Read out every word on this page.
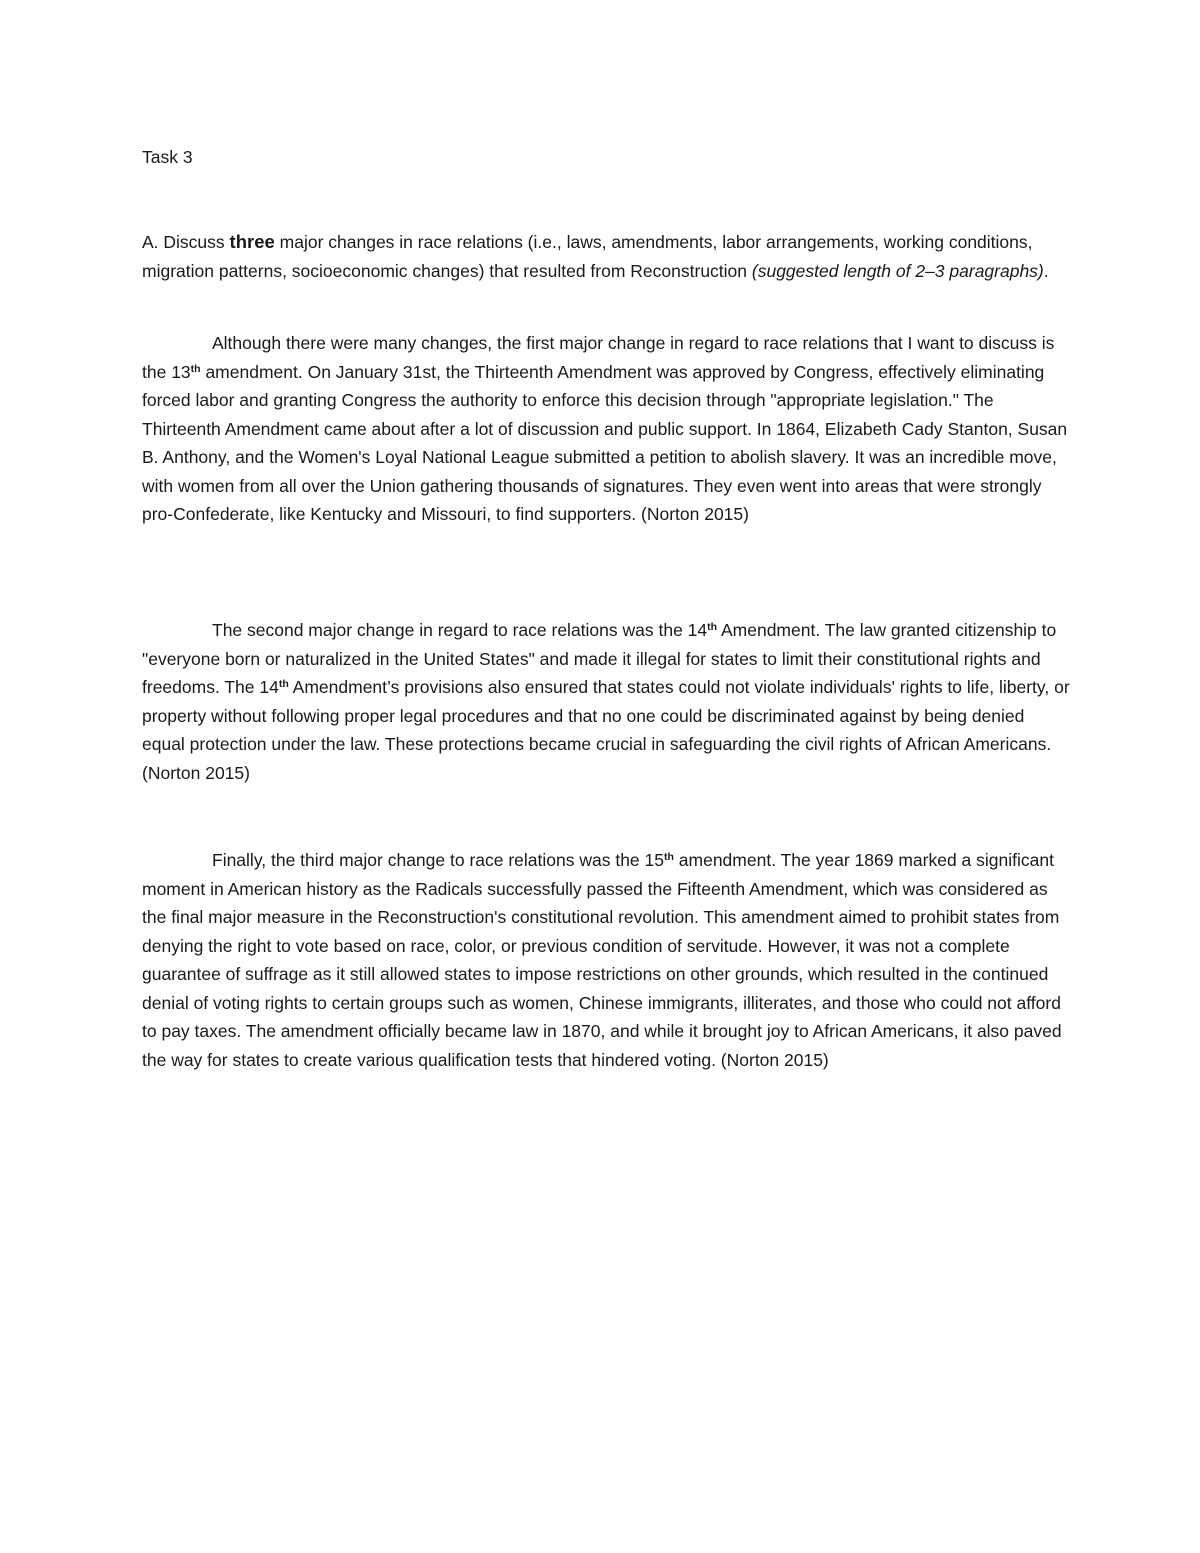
Task 3

A. Discuss three major changes in race relations (i.e., laws, amendments, labor arrangements, working conditions, migration patterns, socioeconomic changes) that resulted from Reconstruction (suggested length of 2–3 paragraphs).

Although there were many changes, the first major change in regard to race relations that I want to discuss is the 13th amendment. On January 31st, the Thirteenth Amendment was approved by Congress, effectively eliminating forced labor and granting Congress the authority to enforce this decision through "appropriate legislation." The Thirteenth Amendment came about after a lot of discussion and public support. In 1864, Elizabeth Cady Stanton, Susan B. Anthony, and the Women's Loyal National League submitted a petition to abolish slavery. It was an incredible move, with women from all over the Union gathering thousands of signatures. They even went into areas that were strongly pro-Confederate, like Kentucky and Missouri, to find supporters. (Norton 2015)

The second major change in regard to race relations was the 14th Amendment. The law granted citizenship to "everyone born or naturalized in the United States" and made it illegal for states to limit their constitutional rights and freedoms. The 14th Amendment’s provisions also ensured that states could not violate individuals' rights to life, liberty, or property without following proper legal procedures and that no one could be discriminated against by being denied equal protection under the law. These protections became crucial in safeguarding the civil rights of African Americans. (Norton 2015)

Finally, the third major change to race relations was the 15th amendment. The year 1869 marked a significant moment in American history as the Radicals successfully passed the Fifteenth Amendment, which was considered as the final major measure in the Reconstruction's constitutional revolution. This amendment aimed to prohibit states from denying the right to vote based on race, color, or previous condition of servitude. However, it was not a complete guarantee of suffrage as it still allowed states to impose restrictions on other grounds, which resulted in the continued denial of voting rights to certain groups such as women, Chinese immigrants, illiterates, and those who could not afford to pay taxes. The amendment officially became law in 1870, and while it brought joy to African Americans, it also paved the way for states to create various qualification tests that hindered voting. (Norton 2015)
